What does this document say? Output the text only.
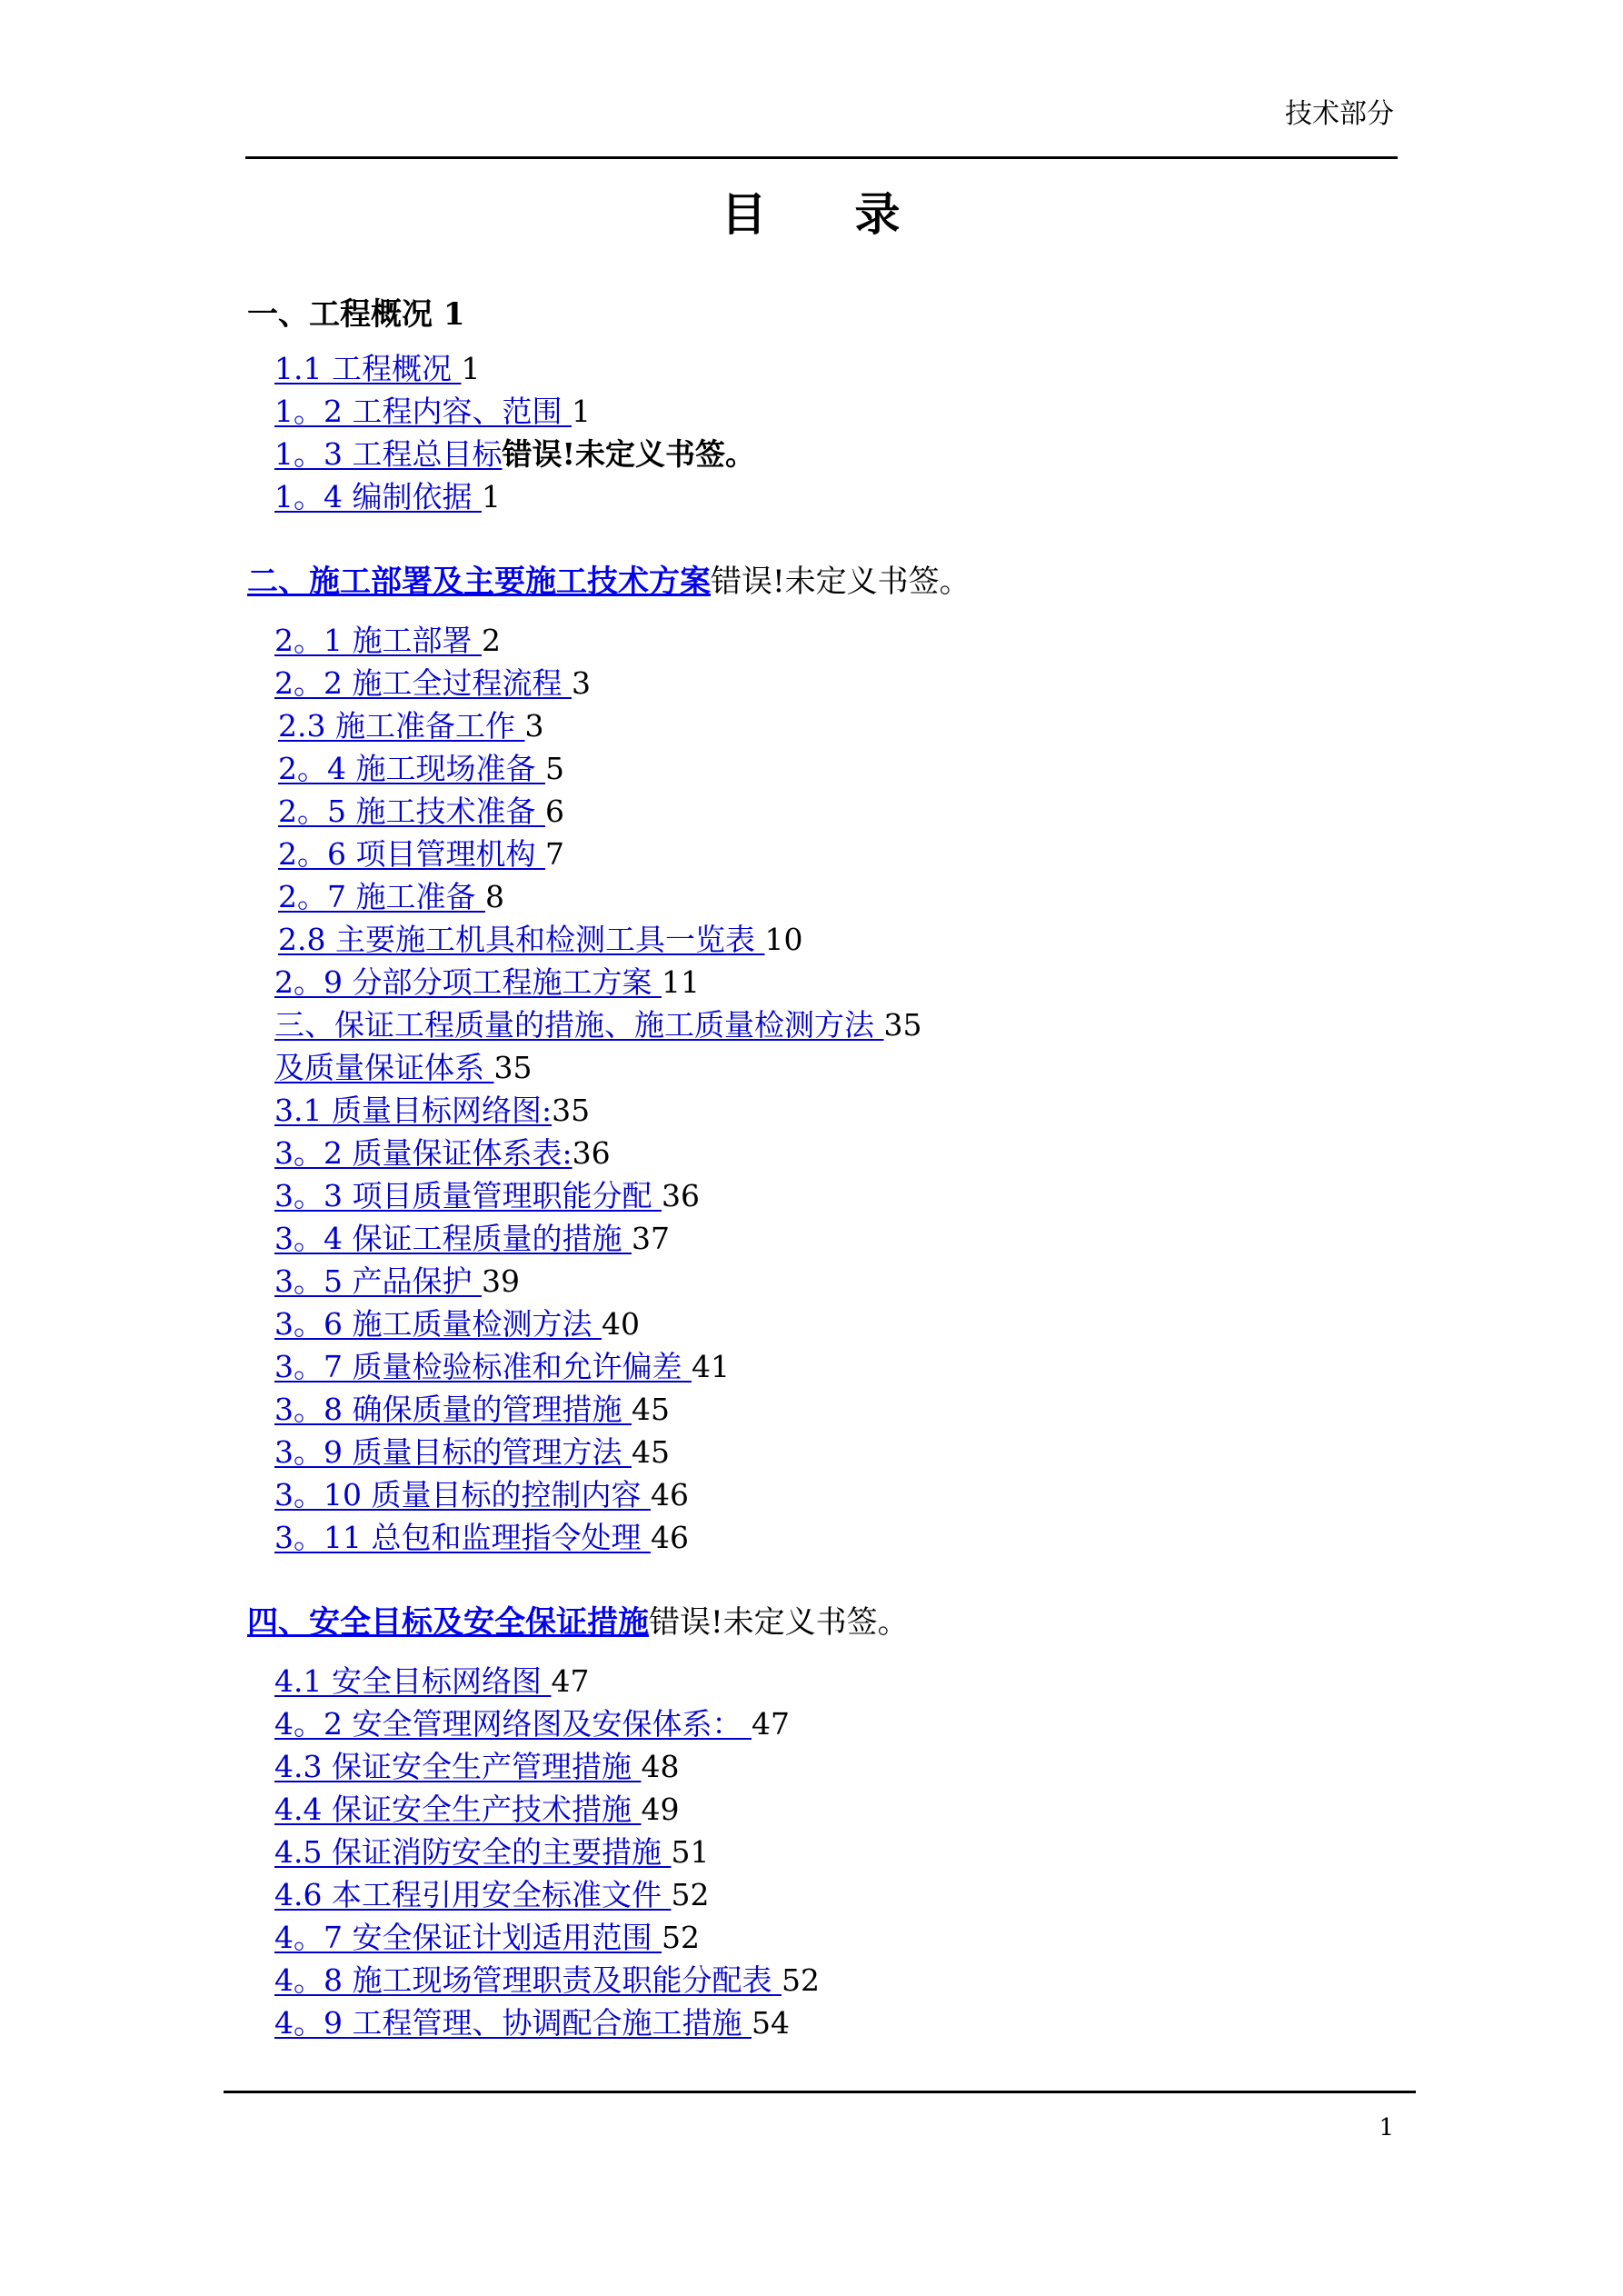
技术部分
目 录
一、工程概况 1
1.1 工程概况 1
1。2 工程内容、范围 1
1。3 工程总目标错误!未定义书签。
1。4 编制依据 1
二、施工部署及主要施工技术方案错误!未定义书签。
2。1 施工部署 2
2。2 施工全过程流程 3
2.3 施工准备工作 3
2。4 施工现场准备 5
2。5 施工技术准备 6
2。6 项目管理机构 7
2。7 施工准备 8
2.8 主要施工机具和检测工具一览表 10
2。9 分部分项工程施工方案 11
三、保证工程质量的措施、施工质量检测方法 35
及质量保证体系 35
3.1 质量目标网络图:35
3。2 质量保证体系表:36
3。3 项目质量管理职能分配 36
3。4 保证工程质量的措施 37
3。5 产品保护 39
3。6 施工质量检测方法 40
3。7 质量检验标准和允许偏差 41
3。8 确保质量的管理措施 45
3。9 质量目标的管理方法 45
3。10 质量目标的控制内容 46
3。11 总包和监理指令处理 46
四、安全目标及安全保证措施错误!未定义书签。
4.1 安全目标网络图 47
4。2 安全管理网络图及安保体系： 47
4.3 保证安全生产管理措施 48
4.4 保证安全生产技术措施 49
4.5 保证消防安全的主要措施 51
4.6 本工程引用安全标准文件 52
4。7 安全保证计划适用范围 52
4。8 施工现场管理职责及职能分配表 52
4。9 工程管理、协调配合施工措施 54
1
